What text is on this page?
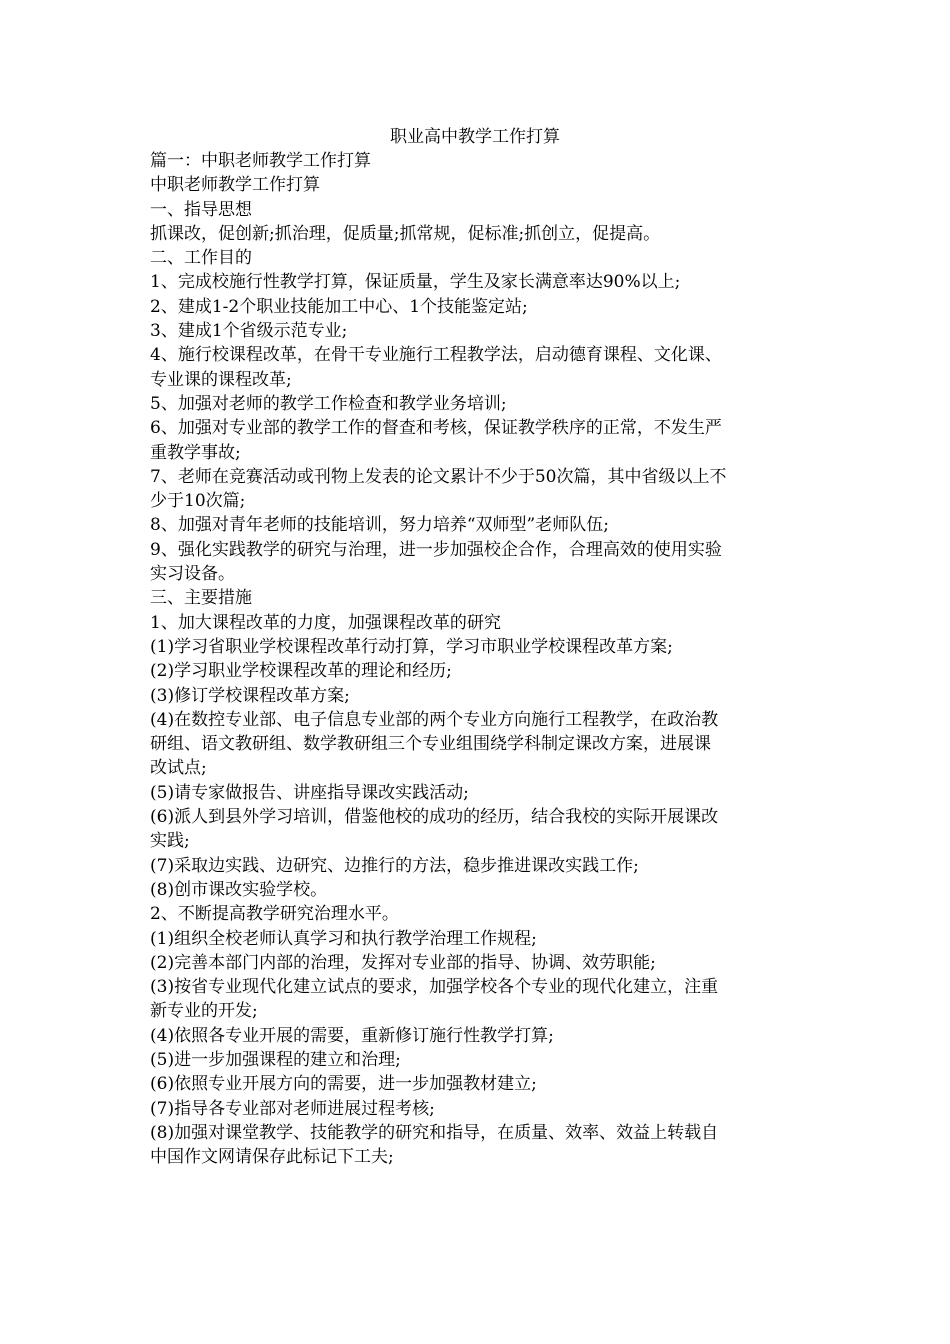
职业高中教学工作打算
篇一：中职老师教学工作打算
中职老师教学工作打算
一、指导思想
抓课改，促创新;抓治理，促质量;抓常规，促标准;抓创立，促提高。
二、工作目的
1、完成校施行性教学打算，保证质量，学生及家长满意率达90%以上;
2、建成1-2个职业技能加工中心、1个技能鉴定站;
3、建成1个省级示范专业;
4、施行校课程改革，在骨干专业施行工程教学法，启动德育课程、文化课、
专业课的课程改革;
5、加强对老师的教学工作检查和教学业务培训;
6、加强对专业部的教学工作的督查和考核，保证教学秩序的正常，不发生严
重教学事故;
7、老师在竞赛活动或刊物上发表的论文累计不少于50次篇，其中省级以上不
少于10次篇;
8、加强对青年老师的技能培训，努力培养“双师型”老师队伍;
9、强化实践教学的研究与治理，进一步加强校企合作，合理高效的使用实验
实习设备。
三、主要措施
1、加大课程改革的力度，加强课程改革的研究
(1)学习省职业学校课程改革行动打算，学习市职业学校课程改革方案;
(2)学习职业学校课程改革的理论和经历;
(3)修订学校课程改革方案;
(4)在数控专业部、电子信息专业部的两个专业方向施行工程教学，在政治教
研组、语文教研组、数学教研组三个专业组围绕学科制定课改方案，进展课
改试点;
(5)请专家做报告、讲座指导课改实践活动;
(6)派人到县外学习培训，借鉴他校的成功的经历，结合我校的实际开展课改
实践;
(7)采取边实践、边研究、边推行的方法，稳步推进课改实践工作;
(8)创市课改实验学校。
2、不断提高教学研究治理水平。
(1)组织全校老师认真学习和执行教学治理工作规程;
(2)完善本部门内部的治理，发挥对专业部的指导、协调、效劳职能;
(3)按省专业现代化建立试点的要求，加强学校各个专业的现代化建立，注重
新专业的开发;
(4)依照各专业开展的需要，重新修订施行性教学打算;
(5)进一步加强课程的建立和治理;
(6)依照专业开展方向的需要，进一步加强教材建立;
(7)指导各专业部对老师进展过程考核;
(8)加强对课堂教学、技能教学的研究和指导，在质量、效率、效益上转载自
中国作文网请保存此标记下工夫;
